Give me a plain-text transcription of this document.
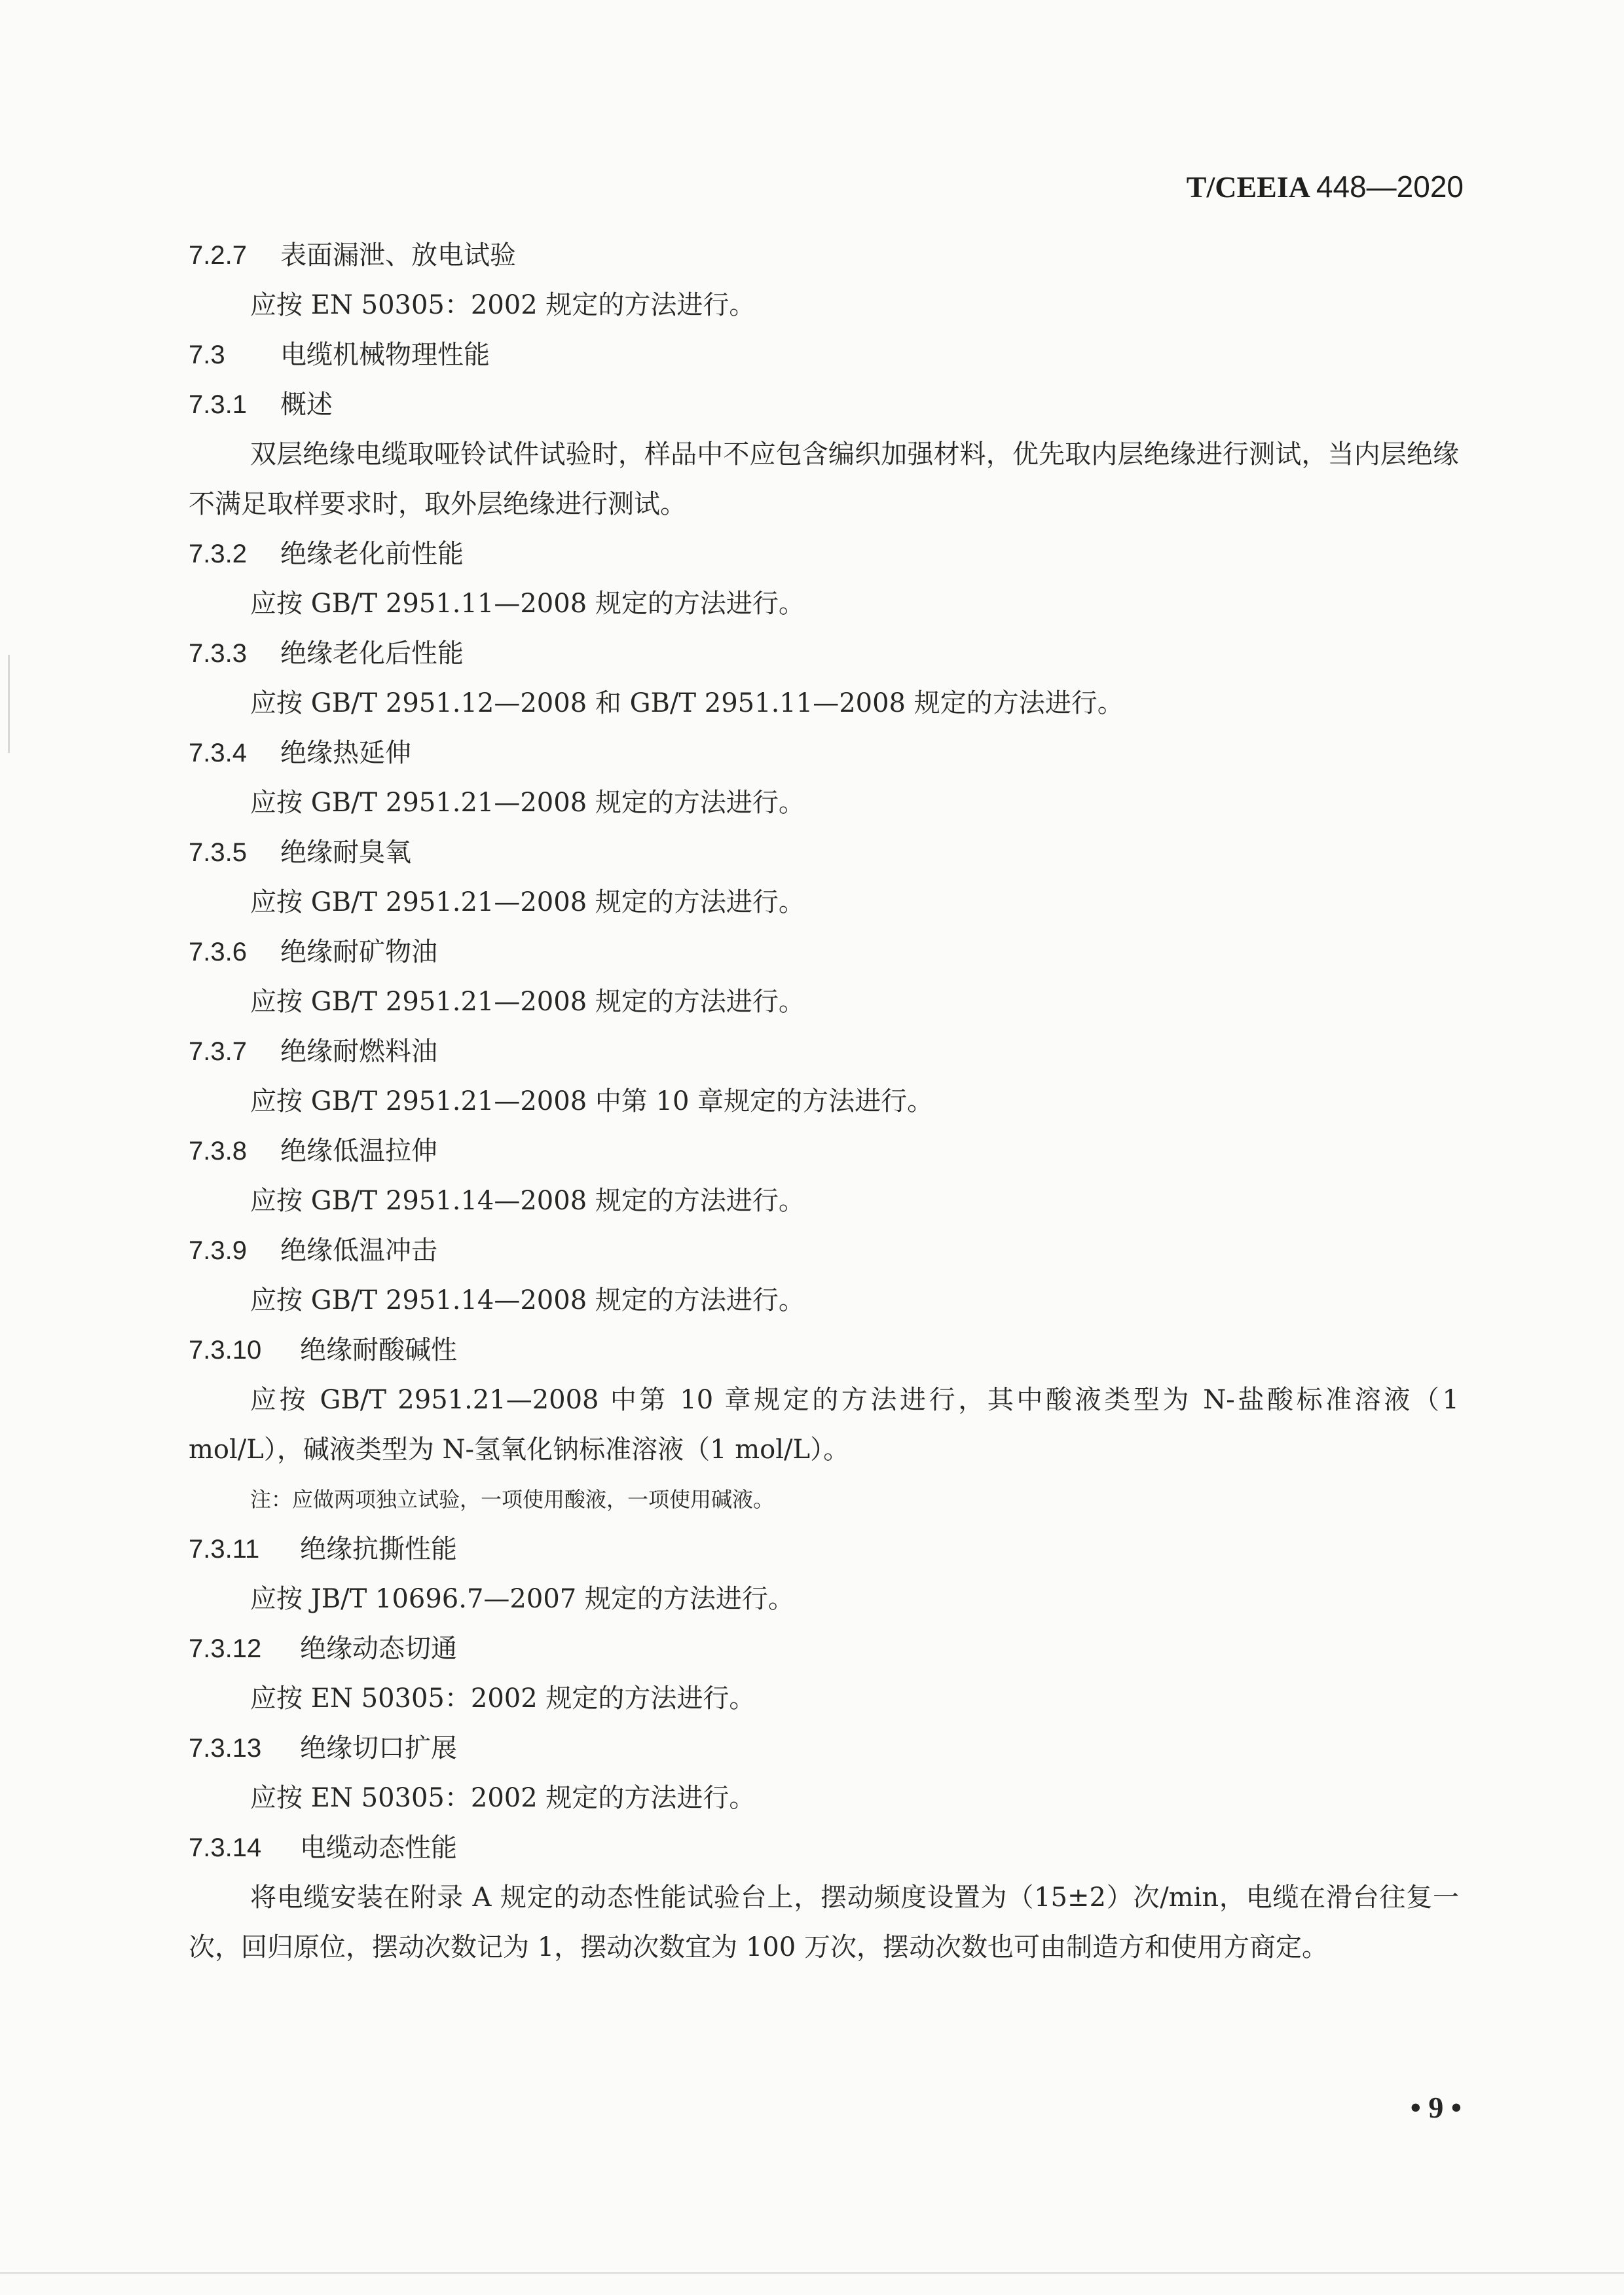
T/CEEIA 448—2020
7.2.7 表面漏泄、放电试验
应按 EN 50305：2002 规定的方法进行。
7.3 电缆机械物理性能
7.3.1 概述
双层绝缘电缆取哑铃试件试验时，样品中不应包含编织加强材料，优先取内层绝缘进行测试，当内层绝缘不满足取样要求时，取外层绝缘进行测试。
7.3.2 绝缘老化前性能
应按 GB/T 2951.11—2008 规定的方法进行。
7.3.3 绝缘老化后性能
应按 GB/T 2951.12—2008 和 GB/T 2951.11—2008 规定的方法进行。
7.3.4 绝缘热延伸
应按 GB/T 2951.21—2008 规定的方法进行。
7.3.5 绝缘耐臭氧
应按 GB/T 2951.21—2008 规定的方法进行。
7.3.6 绝缘耐矿物油
应按 GB/T 2951.21—2008 规定的方法进行。
7.3.7 绝缘耐燃料油
应按 GB/T 2951.21—2008 中第 10 章规定的方法进行。
7.3.8 绝缘低温拉伸
应按 GB/T 2951.14—2008 规定的方法进行。
7.3.9 绝缘低温冲击
应按 GB/T 2951.14—2008 规定的方法进行。
7.3.10 绝缘耐酸碱性
应按 GB/T 2951.21—2008 中第 10 章规定的方法进行，其中酸液类型为 N-盐酸标准溶液（1 mol/L），碱液类型为 N-氢氧化钠标准溶液（1 mol/L）。
注：应做两项独立试验，一项使用酸液，一项使用碱液。
7.3.11 绝缘抗撕性能
应按 JB/T 10696.7—2007 规定的方法进行。
7.3.12 绝缘动态切通
应按 EN 50305：2002 规定的方法进行。
7.3.13 绝缘切口扩展
应按 EN 50305：2002 规定的方法进行。
7.3.14 电缆动态性能
将电缆安装在附录 A 规定的动态性能试验台上，摆动频度设置为（15±2）次/min，电缆在滑台往复一次，回归原位，摆动次数记为 1，摆动次数宜为 100 万次，摆动次数也可由制造方和使用方商定。
• 9 •
